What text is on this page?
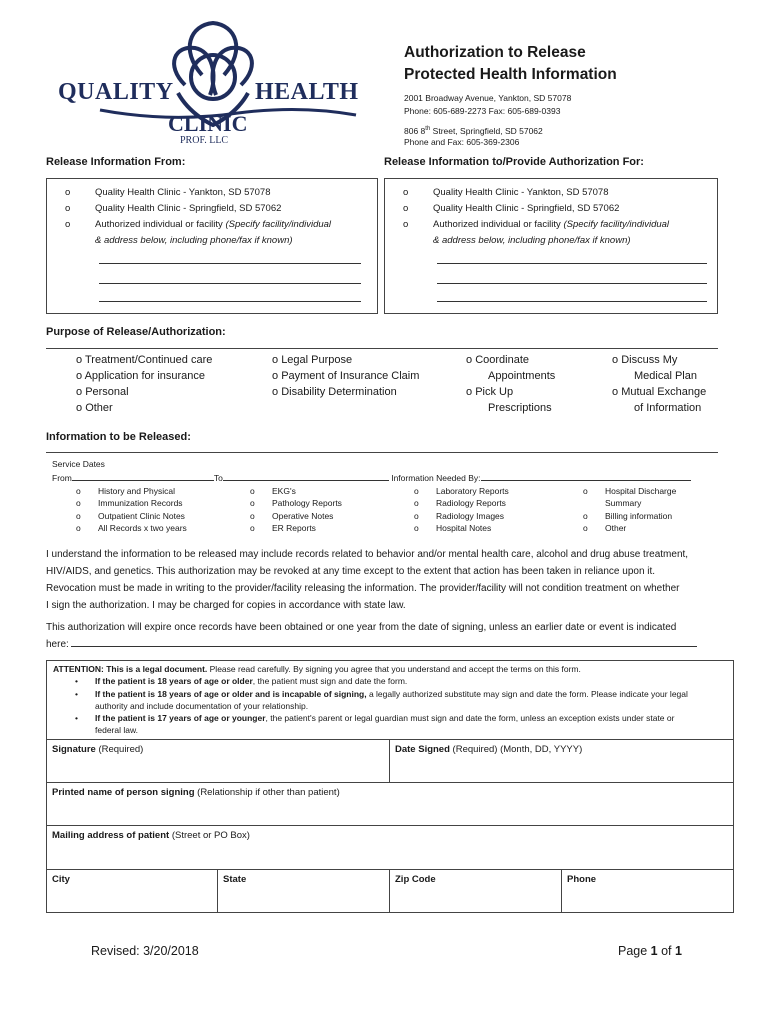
QUALITY	HEALTH
CLINIC
PROF. LLC
Authorization to Release
Protected Health Information
2001 Broadway Avenue, Yankton, SD 57078
Phone: 605-689-2273 Fax: 605-689-0393
806 8th Street, Springfield, SD 57062
Phone and Fax: 605-369-2306
Release Information From:	Release Information to/Provide Authorization For:
o	Quality Health Clinic - Yankton, SD 57078
o	Quality Health Clinic - Springfield, SD 57062
o	Authorized individual or facility (Specify facility/individual
& address below, including phone/fax if known)
o	Quality Health Clinic - Yankton, SD 57078
o	Quality Health Clinic - Springfield, SD 57062
o	Authorized individual or facility (Specify facility/individual
& address below, including phone/fax if known)
Purpose of Release/Authorization:
o Treatment/Continued care
o Application for insurance
o Personal
o Other
o Legal Purpose
o Payment of Insurance Claim
o Disability Determination
o Coordinate
Appointments
o Pick Up
Prescriptions
o Discuss My
Medical Plan
o Mutual Exchange
of Information
Information to be Released:
Service Dates
From	To	Information Needed By:
o History and Physical
o Immunization Records
o Outpatient Clinic Notes
o All Records x two years
o EKG's
o Pathology Reports
o Operative Notes
o ER Reports
o Laboratory Reports
o Radiology Reports
o Radiology Images
o Hospital Notes
o Hospital Discharge
Summary
o Billing information
o Other
I understand the information to be released may include records related to behavior and/or mental health care, alcohol and drug abuse treatment,
HIV/AIDS, and genetics. This authorization may be revoked at any time except to the extent that action has been taken in reliance upon it.
Revocation must be made in writing to the provider/facility releasing the information. The provider/facility will not condition treatment on whether
I sign the authorization. I may be charged for copies in accordance with state law.
This authorization will expire once records have been obtained or one year from the date of signing, unless an earlier date or event is indicated
here:
ATTENTION: This is a legal document. Please read carefully. By signing you agree that you understand and accept the terms on this form.
•	If the patient is 18 years of age or older, the patient must sign and date the form.
•	If the patient is 18 years of age or older and is incapable of signing, a legally authorized substitute may sign and date the form. Please indicate your legal
authority and include documentation of your relationship.
•	If the patient is 17 years of age or younger, the patient's parent or legal guardian must sign and date the form, unless an exception exists under state or
federal law.
Signature (Required)	Date Signed (Required) (Month, DD, YYYY)
Printed name of person signing (Relationship if other than patient)
Mailing address of patient (Street or PO Box)
City	State	Zip Code	Phone
Revised: 3/20/2018	Page 1 of 1
